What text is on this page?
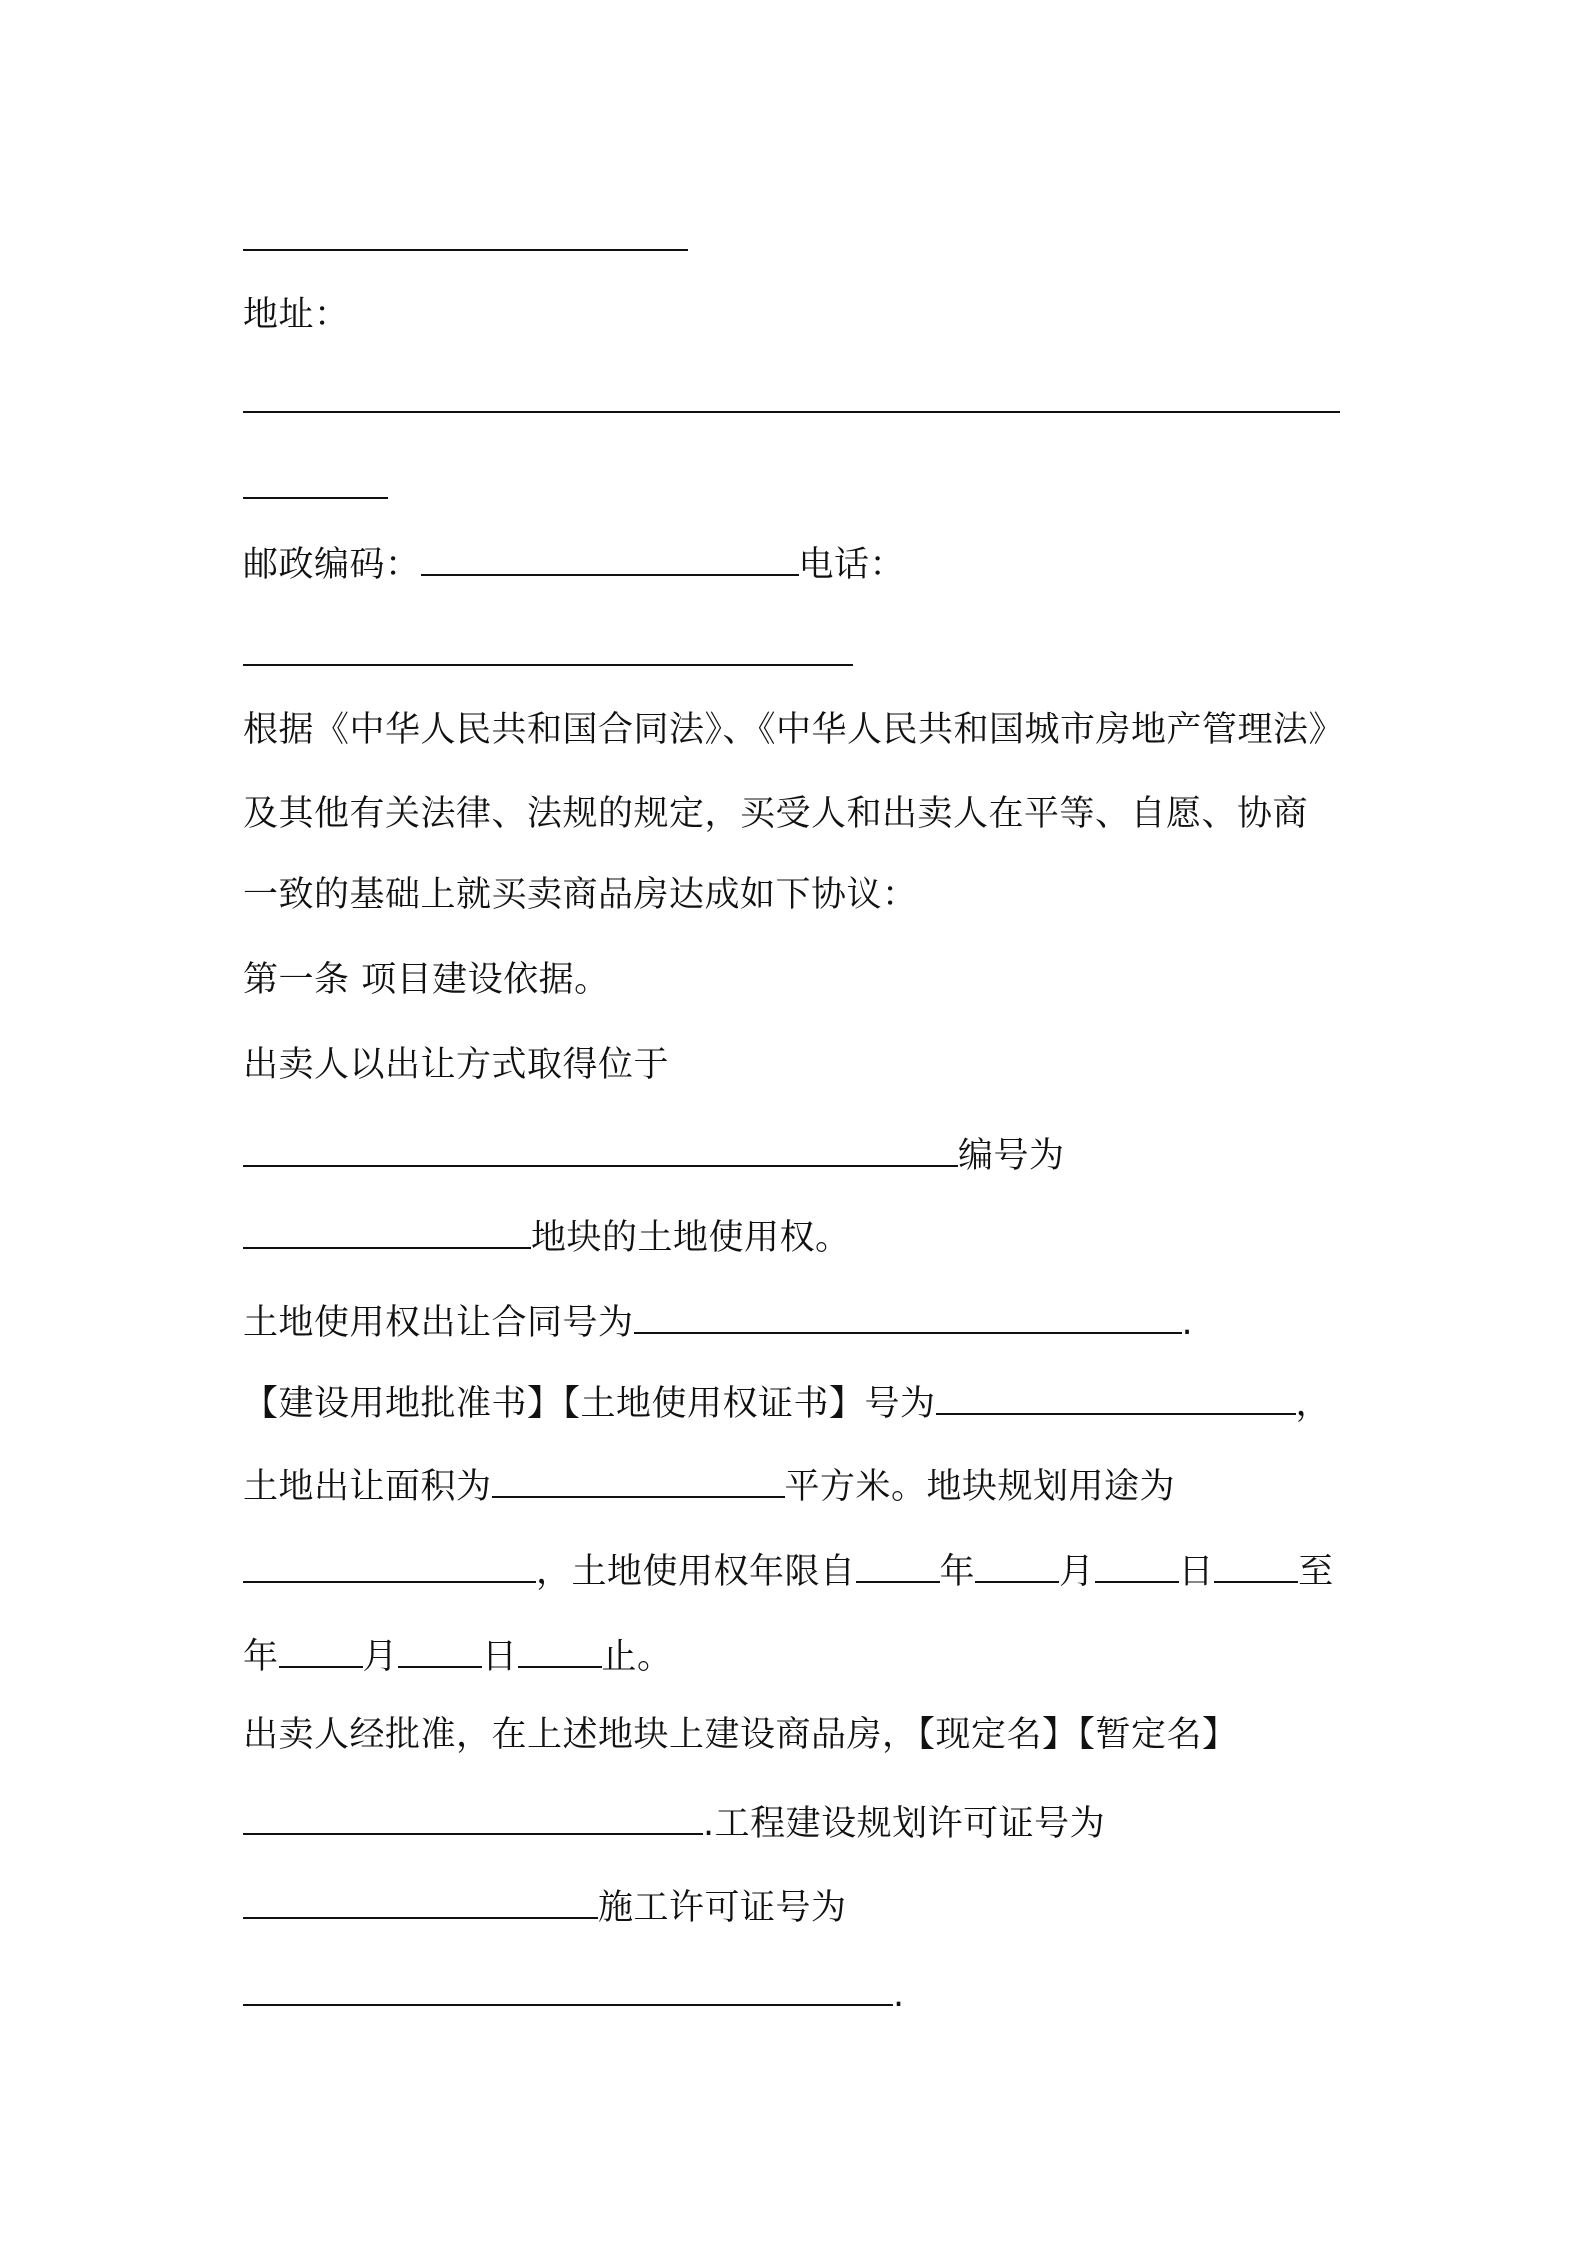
地址：
邮政编码：	电话：
根据《中华人民共和国合同法》、《中华人民共和国城市房地产管理法》
及其他有关法律、法规的规定，买受人和出卖人在平等、自愿、协商
一致的基础上就买卖商品房达成如下协议：
第一条 项目建设依据。
出卖人以出让方式取得位于
编号为
地块的土地使用权。
土地使用权出让合同号为	.
【建设用地批准书】【土地使用权证书】号为	，
土地出让面积为	平方米。地块规划用途为
，土地使用权年限自 年 月 日 至
年 月 日 止。
出卖人经批准，在上述地块上建设商品房，【现定名】【暂定名】
.工程建设规划许可证号为
施工许可证号为
.
